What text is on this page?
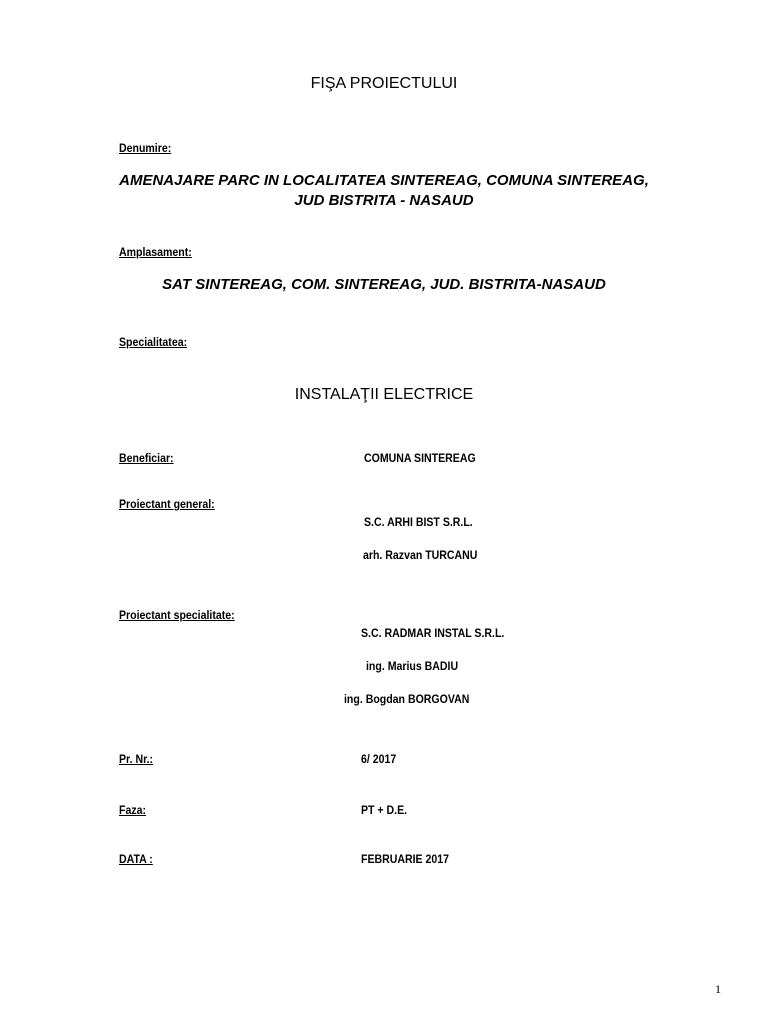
FIŞA PROIECTULUI
Denumire:
AMENAJARE PARC IN LOCALITATEA SINTEREAG, COMUNA SINTEREAG,
JUD BISTRITA - NASAUD
Amplasament:
SAT SINTEREAG, COM. SINTEREAG, JUD. BISTRITA-NASAUD
Specialitatea:
INSTALAŢII ELECTRICE
Beneficiar:	COMUNA SINTEREAG
Proiectant general:
S.C. ARHI BIST S.R.L.
arh. Razvan TURCANU
Proiectant specialitate:
S.C. RADMAR INSTAL S.R.L.
ing. Marius BADIU
ing. Bogdan BORGOVAN
Pr. Nr.:	6/ 2017
Faza:	PT + D.E.
DATA :	FEBRUARIE 2017
1
